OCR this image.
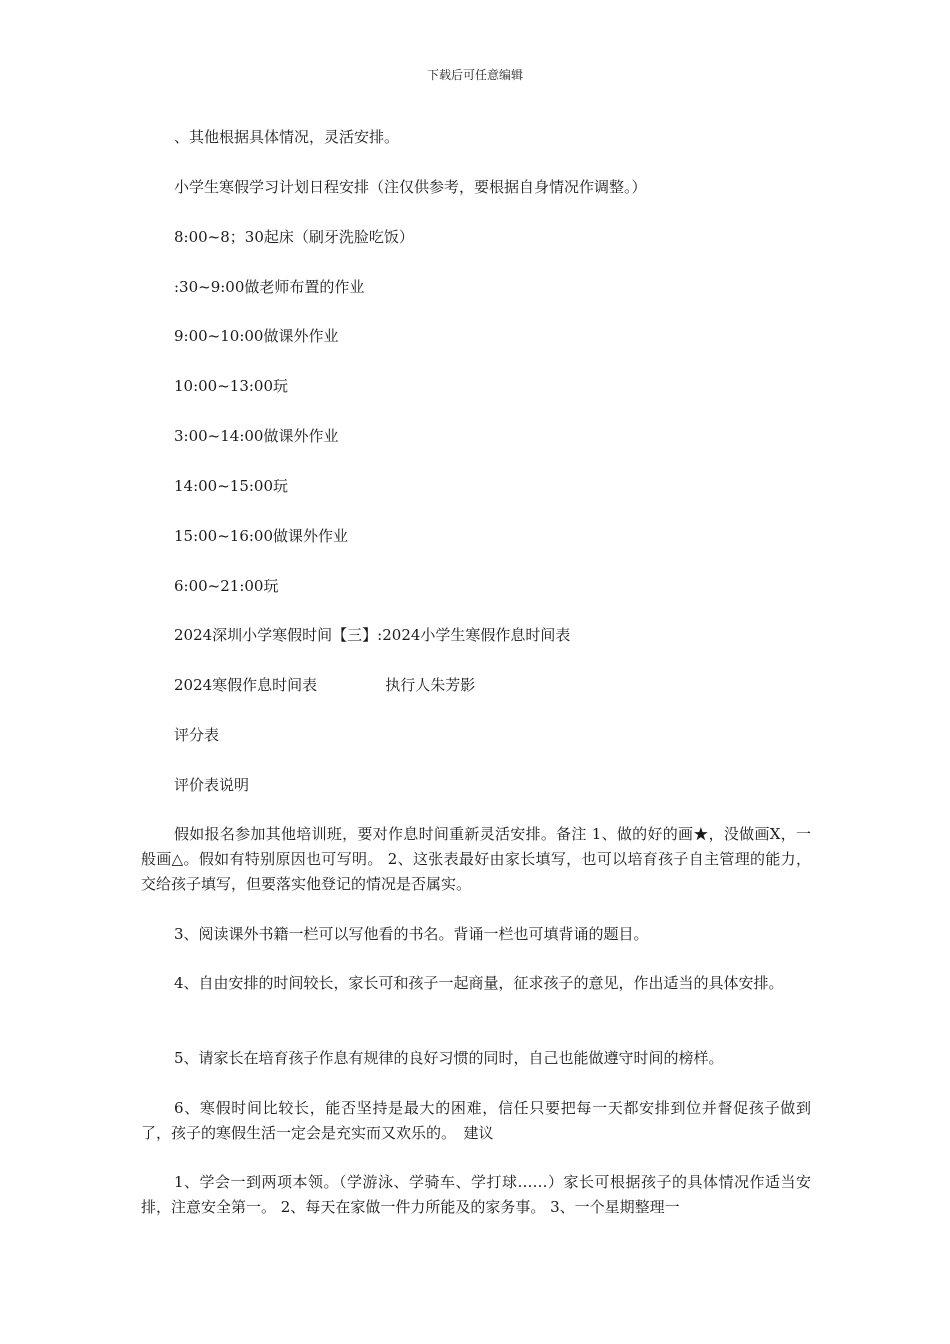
下载后可任意编辑
、其他根据具体情况，灵活安排。
小学生寒假学习计划日程安排（注仅供参考，要根据自身情况作调整。）
8:00~8；30起床（刷牙洗脸吃饭）
:30~9:00做老师布置的作业
9:00~10:00做课外作业
10:00~13:00玩
3:00~14:00做课外作业
14:00~15:00玩
15:00~16:00做课外作业
6:00~21:00玩
2024深圳小学寒假时间【三】:2024小学生寒假作息时间表
2024寒假作息时间表	执行人朱芳影
评分表
评价表说明
假如报名参加其他培训班，要对作息时间重新灵活安排。备注 1、做的好的画★，没做画X，一般画△。假如有特别原因也可写明。 2、这张表最好由家长填写，也可以培育孩子自主管理的能力，交给孩子填写，但要落实他登记的情况是否属实。
3、阅读课外书籍一栏可以写他看的书名。背诵一栏也可填背诵的题目。
4、自由安排的时间较长，家长可和孩子一起商量，征求孩子的意见，作出适当的具体安排。
5、请家长在培育孩子作息有规律的良好习惯的同时，自己也能做遵守时间的榜样。
6、寒假时间比较长，能否坚持是最大的困难，信任只要把每一天都安排到位并督促孩子做到了，孩子的寒假生活一定会是充实而又欢乐的。　建议
1、学会一到两项本领。（学游泳、学骑车、学打球……）家长可根据孩子的具体情况作适当安排，注意安全第一。 2、每天在家做一件力所能及的家务事。 3、一个星期整理一
